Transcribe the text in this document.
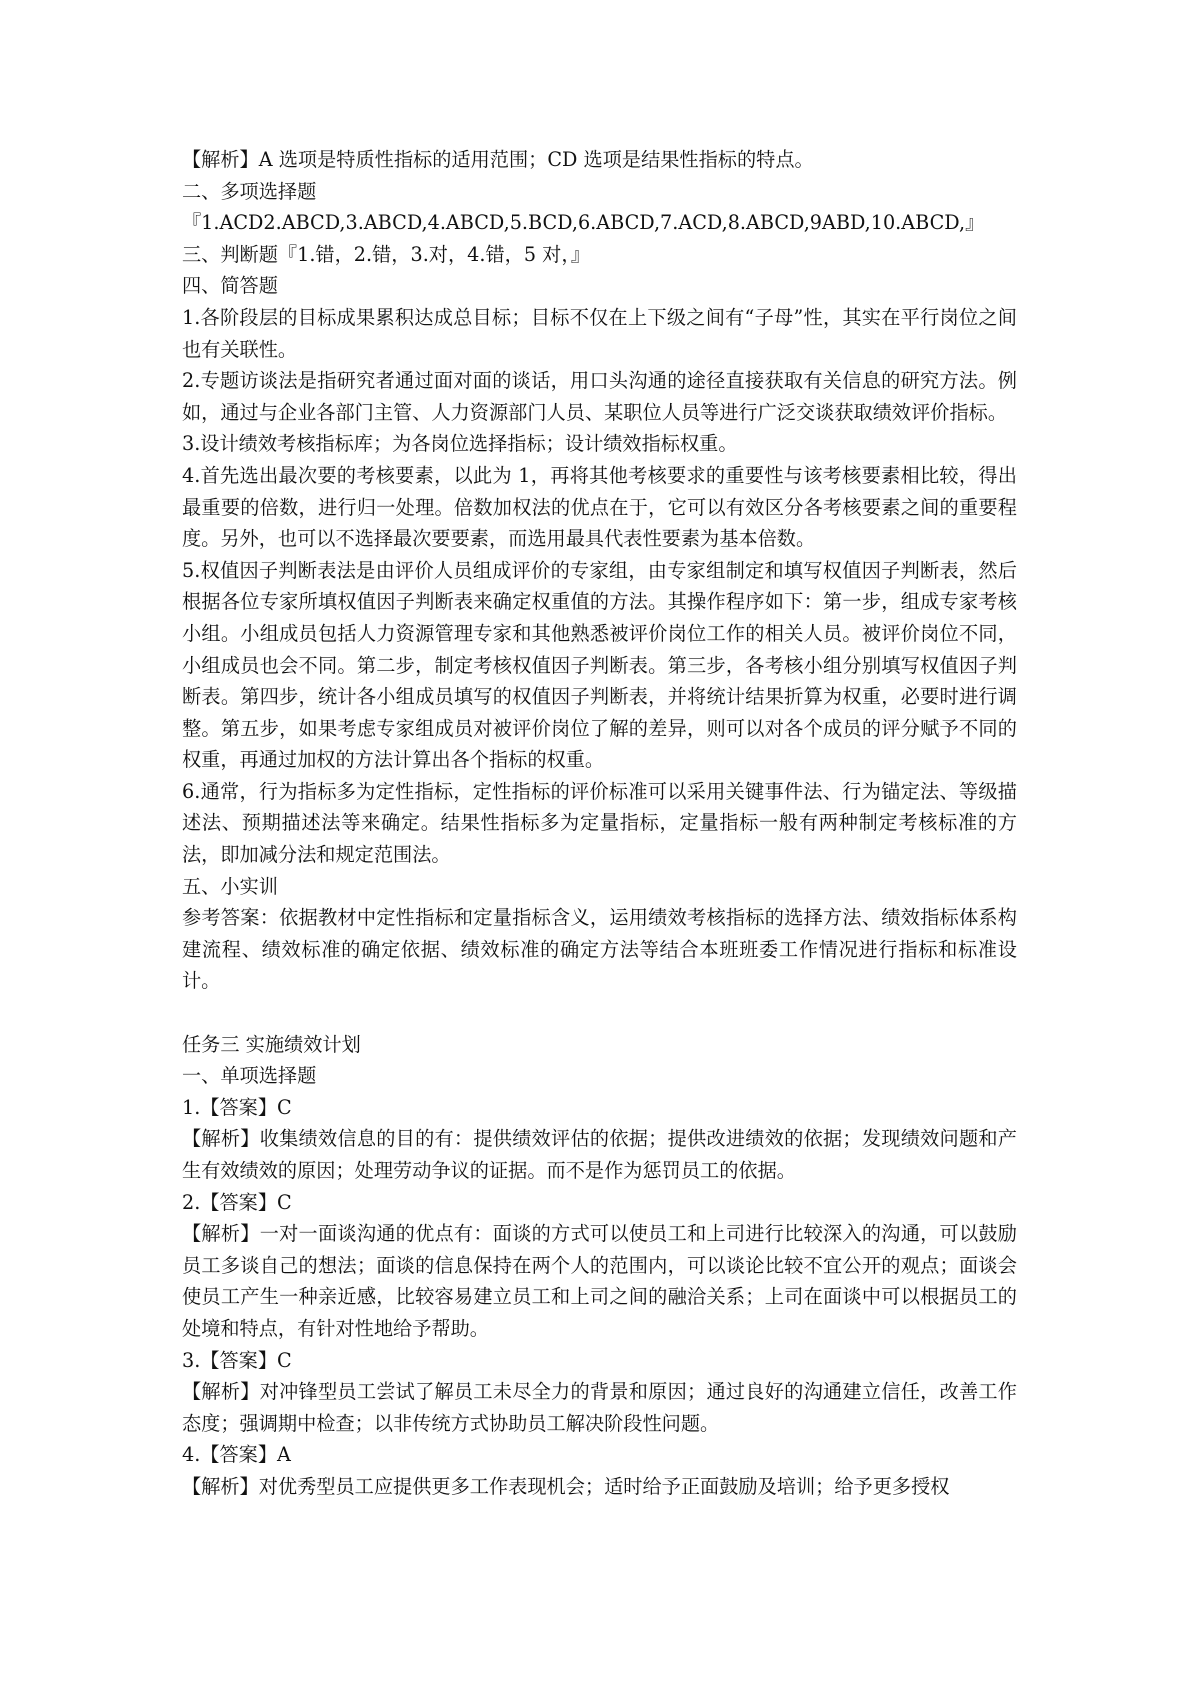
【解析】A 选项是特质性指标的适用范围；CD 选项是结果性指标的特点。

二、多项选择题

『1.ACD2.ABCD,3.ABCD,4.ABCD,5.BCD,6.ABCD,7.ACD,8.ABCD,9ABD,10.ABCD,』

三、判断题『1.错，2.错，3.对，4.错，5 对，』

四、简答题

1.各阶段层的目标成果累积达成总目标；目标不仅在上下级之间有“子母”性，其实在平行岗位之间也有关联性。

2.专题访谈法是指研究者通过面对面的谈话，用口头沟通的途径直接获取有关信息的研究方法。例如，通过与企业各部门主管、人力资源部门人员、某职位人员等进行广泛交谈获取绩效评价指标。

3.设计绩效考核指标库；为各岗位选择指标；设计绩效指标权重。

4.首先选出最次要的考核要素，以此为 1，再将其他考核要求的重要性与该考核要素相比较，得出最重要的倍数，进行归一处理。倍数加权法的优点在于，它可以有效区分各考核要素之间的重要程度。另外，也可以不选择最次要要素，而选用最具代表性要素为基本倍数。

5.权值因子判断表法是由评价人员组成评价的专家组，由专家组制定和填写权值因子判断表，然后根据各位专家所填权值因子判断表来确定权重值的方法。其操作程序如下：第一步，组成专家考核小组。小组成员包括人力资源管理专家和其他熟悉被评价岗位工作的相关人员。被评价岗位不同，小组成员也会不同。第二步，制定考核权值因子判断表。第三步，各考核小组分别填写权值因子判断表。第四步，统计各小组成员填写的权值因子判断表，并将统计结果折算为权重，必要时进行调整。第五步，如果考虑专家组成员对被评价岗位了解的差异，则可以对各个成员的评分赋予不同的权重，再通过加权的方法计算出各个指标的权重。

6.通常，行为指标多为定性指标，定性指标的评价标准可以采用关键事件法、行为锚定法、等级描述法、预期描述法等来确定。结果性指标多为定量指标，定量指标一般有两种制定考核标准的方法，即加减分法和规定范围法。

五、小实训

参考答案：依据教材中定性指标和定量指标含义，运用绩效考核指标的选择方法、绩效指标体系构建流程、绩效标准的确定依据、绩效标准的确定方法等结合本班班委工作情况进行指标和标准设计。

任务三 实施绩效计划

一、单项选择题

1.【答案】C

【解析】收集绩效信息的目的有：提供绩效评估的依据；提供改进绩效的依据；发现绩效问题和产生有效绩效的原因；处理劳动争议的证据。而不是作为惩罚员工的依据。

2.【答案】C

【解析】一对一面谈沟通的优点有：面谈的方式可以使员工和上司进行比较深入的沟通，可以鼓励员工多谈自己的想法；面谈的信息保持在两个人的范围内，可以谈论比较不宜公开的观点；面谈会使员工产生一种亲近感，比较容易建立员工和上司之间的融洽关系；上司在面谈中可以根据员工的处境和特点，有针对性地给予帮助。

3.【答案】C

【解析】对冲锋型员工尝试了解员工未尽全力的背景和原因；通过良好的沟通建立信任，改善工作态度；强调期中检查；以非传统方式协助员工解决阶段性问题。

4.【答案】A

【解析】对优秀型员工应提供更多工作表现机会；适时给予正面鼓励及培训；给予更多授权
